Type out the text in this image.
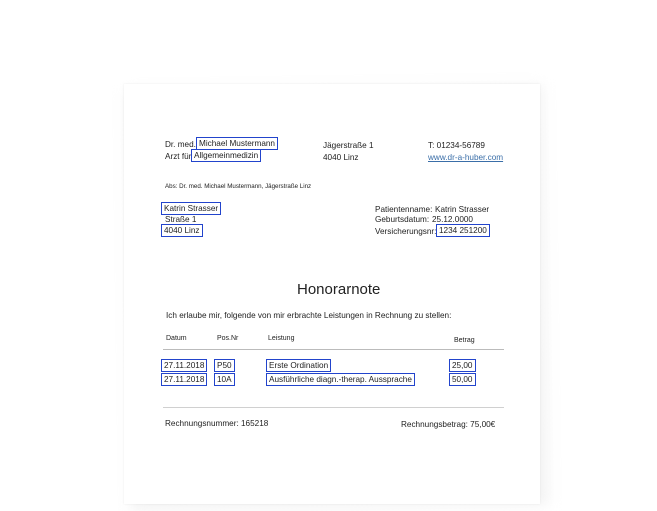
Dr. med. Michael Mustermann
Arzt für Allgemeinmedizin
Jägerstraße 1
4040 Linz
T: 01234-56789
www.dr-a-huber.com
Abs: Dr. med. Michael Mustermann, Jägerstraße Linz
Katrin Strasser
Straße 1
4040 Linz
Patientenname: Katrin Strasser
Geburtsdatum: 25.12.0000
Versicherungsnr: 1234 251200
Honorarnote
Ich erlaube mir, folgende von mir erbrachte Leistungen in Rechnung zu stellen:
Datum	Pos.Nr	Leistung	Betrag
27.11.2018	P50	Erste Ordination	25,00
27.11.2018	10A	Ausführliche diagn.-therap. Aussprache	50,00
Rechnungsnummer: 165218	Rechnungsbetrag: 75,00€
